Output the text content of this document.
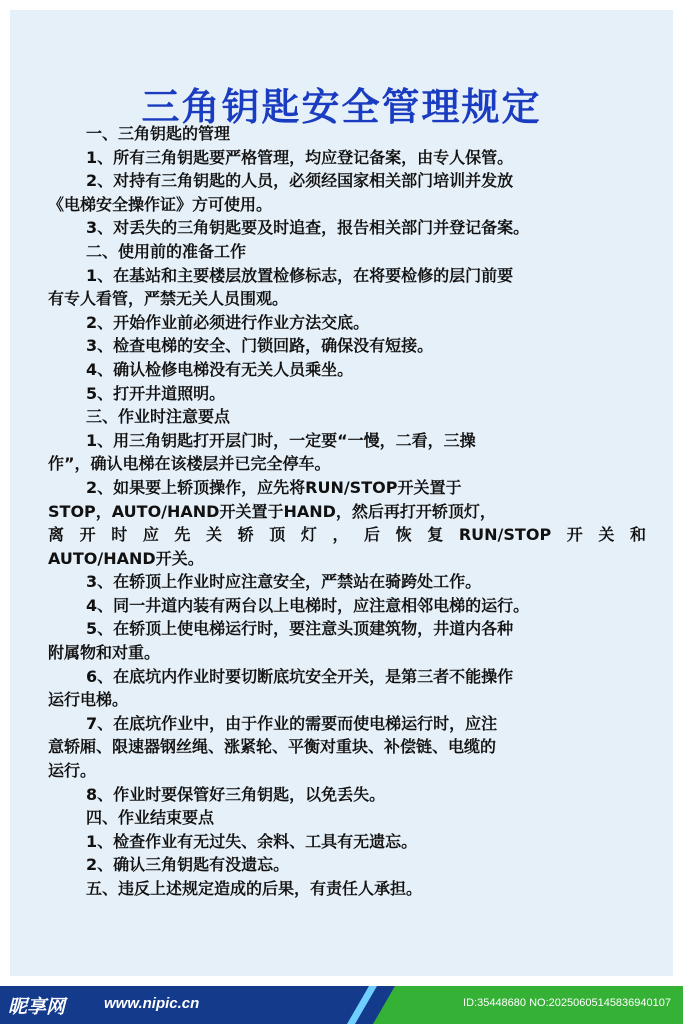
三角钥匙安全管理规定
一、三角钥匙的管理
1、所有三角钥匙要严格管理，均应登记备案，由专人保管。
2、对持有三角钥匙的人员，必须经国家相关部门培训并发放
《电梯安全操作证》方可使用。
3、对丢失的三角钥匙要及时追查，报告相关部门并登记备案。
二、使用前的准备工作
1、在基站和主要楼层放置检修标志，在将要检修的层门前要
有专人看管，严禁无关人员围观。
2、开始作业前必须进行作业方法交底。
3、检查电梯的安全、门锁回路，确保没有短接。
4、确认检修电梯没有无关人员乘坐。
5、打开井道照明。
三、作业时注意要点
1、用三角钥匙打开层门时，一定要“一慢，二看，三操
作”，确认电梯在该楼层并已完全停车。
2、如果要上轿顶操作，应先将RUN/STOP开关置于
STOP，AUTO/HAND开关置于HAND，然后再打开轿顶灯，
离开时应先关轿顶灯，后恢复RUN/STOP开关和
AUTO/HAND开关。
3、在轿顶上作业时应注意安全，严禁站在骑跨处工作。
4、同一井道内装有两台以上电梯时，应注意相邻电梯的运行。
5、在轿顶上使电梯运行时，要注意头顶建筑物，井道内各种
附属物和对重。
6、在底坑内作业时要切断底坑安全开关，是第三者不能操作
运行电梯。
7、在底坑作业中，由于作业的需要而使电梯运行时，应注
意轿厢、限速器钢丝绳、涨紧轮、平衡对重块、补偿链、电缆的
运行。
8、作业时要保管好三角钥匙，以免丢失。
四、作业结束要点
1、检查作业有无过失、余料、工具有无遗忘。
2、确认三角钥匙有没遗忘。
五、违反上述规定造成的后果，有责任人承担。
昵享网	www.nipic.cn	ID:35448680 NO:20250605145836940107
